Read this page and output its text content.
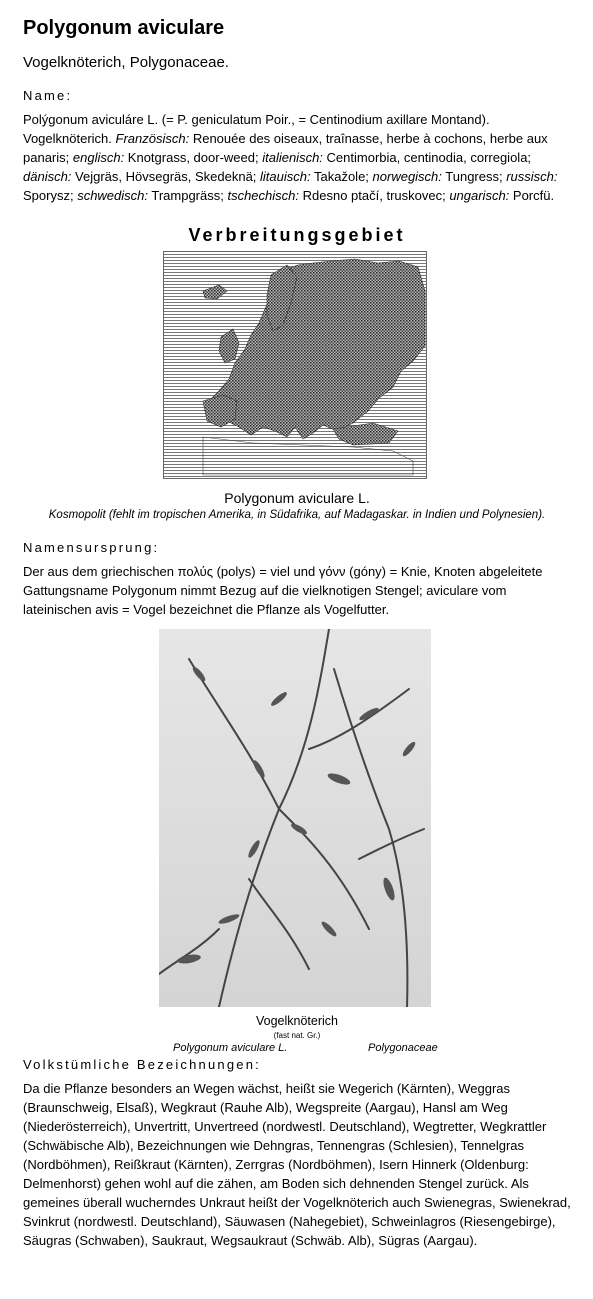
Polygonum aviculare

Vogelknöterich, Polygonaceae.

Name:

Polýgonum aviculáre L. (= P. geniculatum Poir., = Centinodium axillare Montand). Vogelknöterich. Französisch: Renouée des oiseaux, traînasse, herbe à cochons, herbe aux panaris; englisch: Knotgrass, door-weed; italienisch: Centimorbia, centinodia, corregiola; dänisch: Vejgräs, Hövsegräs, Skedeknä; litauisch: Takažole; norwegisch: Tungress; russisch: Sporysz; schwedisch: Trampgräss; tschechisch: Rdesno ptačí, truskovec; ungarisch: Porcfü.

Verbreitungsgebiet
Polygonum aviculare L.
Kosmopolit (fehlt im tropischen Amerika, in Südafrika, auf Madagaskar. in Indien und Polynesien).

Namensursprung:

Der aus dem griechischen πολύς (polys) = viel und γόνν (góny) = Knie, Knoten abgeleitete Gattungsname Polygonum nimmt Bezug auf die vielknotigen Stengel; aviculare vom lateinischen avis = Vogel bezeichnet die Pflanze als Vogelfutter.

Vogelknöterich
(fast nat. Gr.)
Polygonum aviculare L.	Polygonaceae

Volkstümliche Bezeichnungen:

Da die Pflanze besonders an Wegen wächst, heißt sie Wegerich (Kärnten), Weggras (Braunschweig, Elsaß), Wegkraut (Rauhe Alb), Wegspreite (Aargau), Hansl am Weg (Niederösterreich), Unvertritt, Unvertreed (nordwestl. Deutschland), Wegtretter, Wegkrattler (Schwäbische Alb), Bezeichnungen wie Dehngras, Tennengras (Schlesien), Tennelgras (Nordböhmen), Reißkraut (Kärnten), Zerrgras (Nordböhmen), Isern Hinnerk (Oldenburg: Delmenhorst) gehen wohl auf die zähen, am Boden sich dehnenden Stengel zurück. Als gemeines überall wucherndes Unkraut heißt der Vogelknöterich auch Swienegras, Swienekrad, Svinkrut (nordwestl. Deutschland), Säuwasen (Nahegebiet), Schweinlagros (Riesengebirge), Säugras (Schwaben), Saukraut, Wegsaukraut (Schwäb. Alb), Sügras (Aargau).
